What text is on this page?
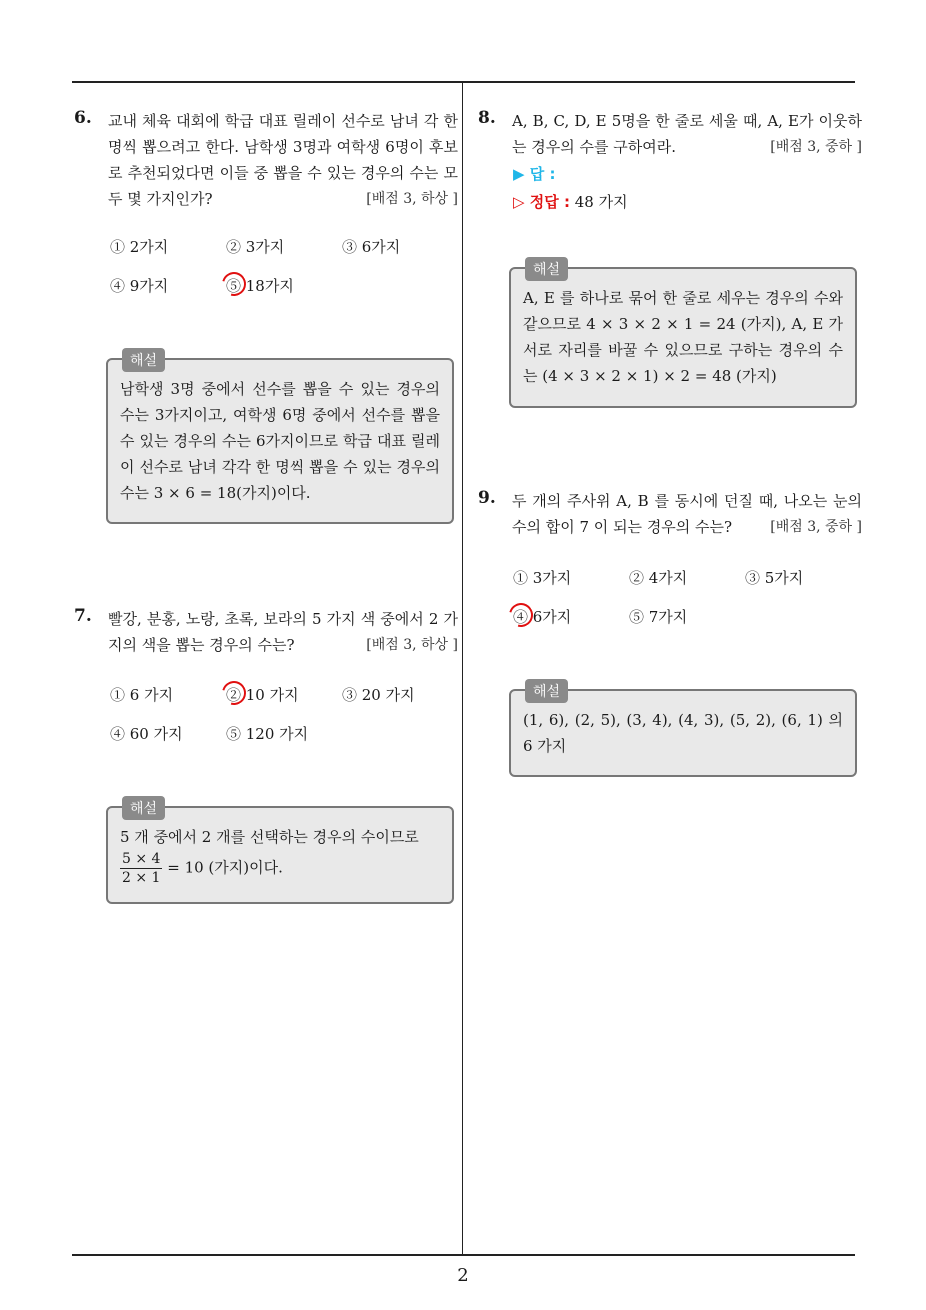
6. 교내 체육 대회에 학급 대표 릴레이 선수로 남녀 각 한 명씩 뽑으려고 한다. 남학생 3명과 여학생 6명이 후보로 추천되었다면 이들 중 뽑을 수 있는 경우의 수는 모두 몇 가지인가?	[배점 3, 하상 ]
① 2가지	② 3가지	③ 6가지
④ 9가지	⑤ 18가지
해설
남학생 3명 중에서 선수를 뽑을 수 있는 경우의 수는 3가지이고, 여학생 6명 중에서 선수를 뽑을 수 있는 경우의 수는 6가지이므로 학급 대표 릴레이 선수로 남녀 각각 한 명씩 뽑을 수 있는 경우의 수는 3 × 6 = 18(가지)이다.
7. 빨강, 분홍, 노랑, 초록, 보라의 5 가지 색 중에서 2 가지의 색을 뽑는 경우의 수는?	[배점 3, 하상 ]
① 6 가지	② 10 가지	③ 20 가지
④ 60 가지	⑤ 120 가지
해설
5 개 중에서 2 개를 선택하는 경우의 수이므로
$\frac{5 \times 4}{2 \times 1} = 10$ (가지)이다.
8. A, B, C, D, E 5명을 한 줄로 세울 때, A, E가 이웃하는 경우의 수를 구하여라.	[배점 3, 중하 ]
▶ 답 :
▷ 정답 : 48 가지
해설
A, E 를 하나로 묶어 한 줄로 세우는 경우의 수와 같으므로 4 × 3 × 2 × 1 = 24 (가지), A, E 가 서로 자리를 바꿀 수 있으므로 구하는 경우의 수는 (4 × 3 × 2 × 1) × 2 = 48 (가지)
9. 두 개의 주사위 A, B 를 동시에 던질 때, 나오는 눈의 수의 합이 7 이 되는 경우의 수는?	[배점 3, 중하 ]
① 3가지	② 4가지	③ 5가지
④ 6가지	⑤ 7가지
해설
(1, 6), (2, 5), (3, 4), (4, 3), (5, 2), (6, 1) 의 6 가지
2
